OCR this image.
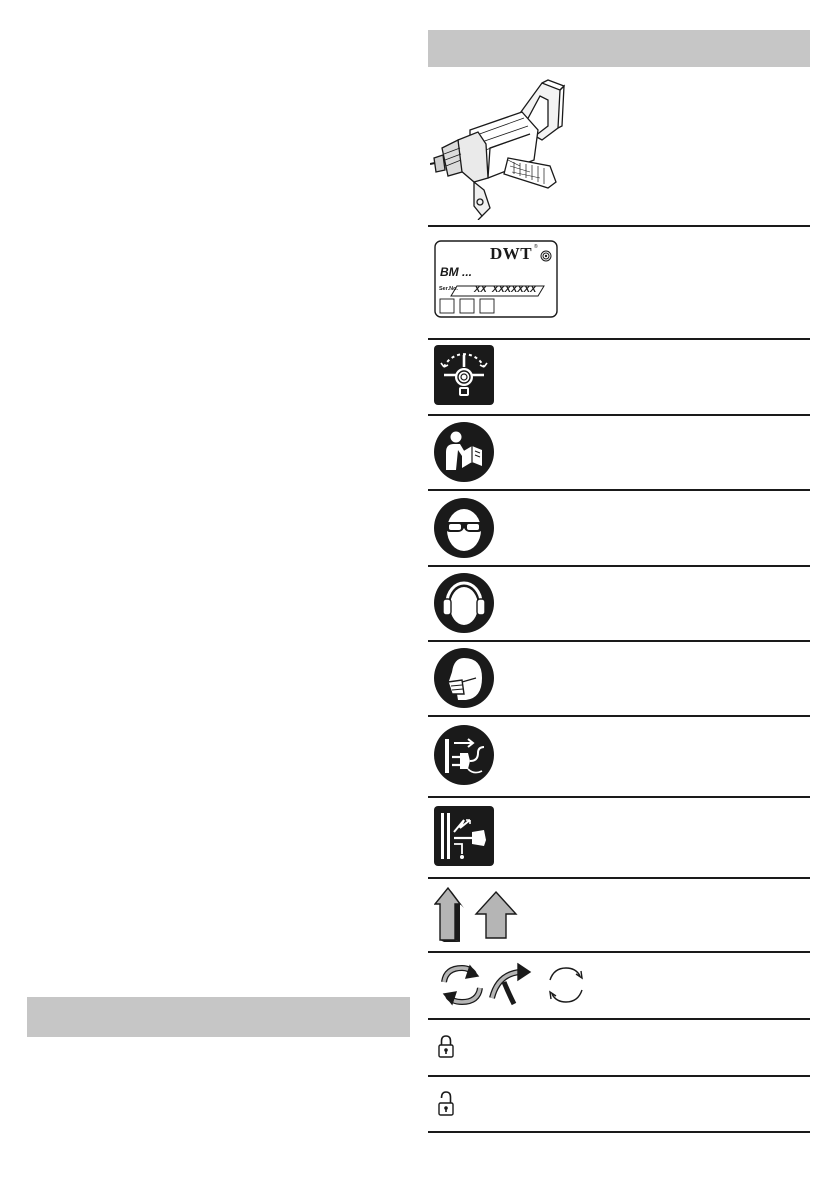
DWT ®
BM ...
Ser.No. XX  XXXXXXX
